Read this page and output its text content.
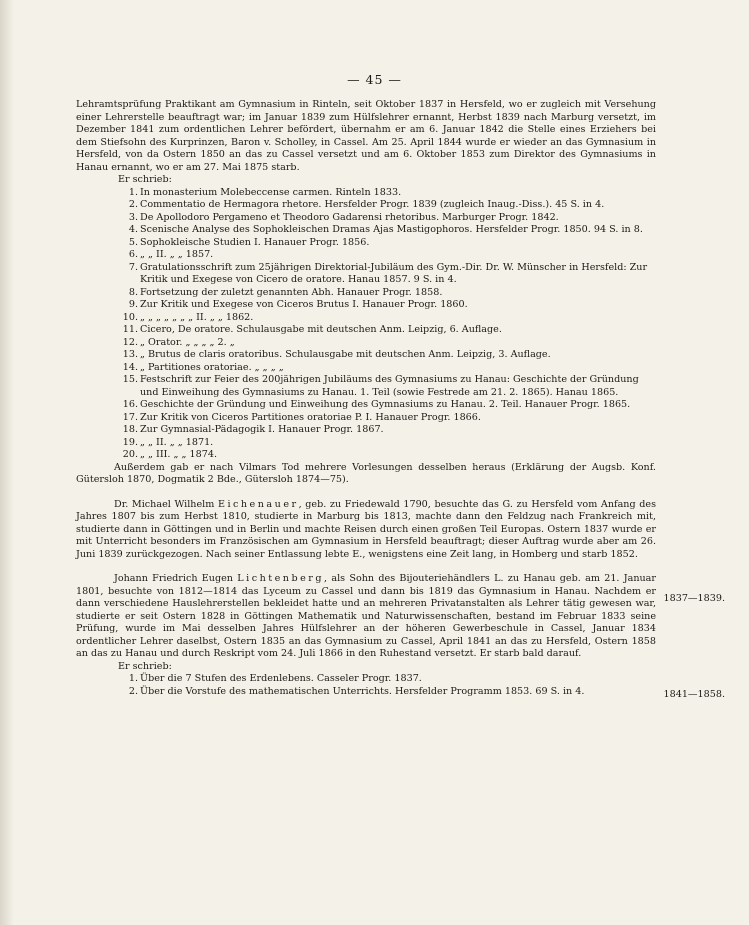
— 45 —

Lehramtsprüfung Praktikant am Gymnasium in Rinteln, seit Oktober 1837 in Hersfeld, wo er zugleich mit Versehung einer Lehrerstelle beauftragt war; im Januar 1839 zum Hülfslehrer ernannt, Herbst 1839 nach Marburg versetzt, im Dezember 1841 zum ordentlichen Lehrer befördert, übernahm er am 6. Januar 1842 die Stelle eines Erziehers bei dem Stiefsohn des Kurprinzen, Baron v. Scholley, in Cassel. Am 25. April 1844 wurde er wieder an das Gymnasium in Hersfeld, von da Ostern 1850 an das zu Cassel versetzt und am 6. Oktober 1853 zum Direktor des Gymnasiums in Hanau ernannt, wo er am 27. Mai 1875 starb.

Er schrieb:
1. In monasterium Molebeccense carmen. Rinteln 1833.
2. Commentatio de Hermagora rhetore. Hersfelder Progr. 1839 (zugleich Inaug.-Diss.). 45 S. in 4.
3. De Apollodoro Pergameno et Theodoro Gadarensi rhetoribus. Marburger Progr. 1842.
4. Scenische Analyse des Sophokleischen Dramas Ajas Mastigophoros. Hersfelder Progr. 1850. 94 S. in 8.
5. Sophokleische Studien I. Hanauer Progr. 1856.
6. „ „ II. „ „ 1857.
7. Gratulationsschrift zum 25jährigen Direktorial-Jubiläum des Gym.-Dir. Dr. W. Münscher in Hersfeld: Zur Kritik und Exegese von Cicero de oratore. Hanau 1857. 9 S. in 4.
8. Fortsetzung der zuletzt genannten Abh. Hanauer Progr. 1858.
9. Zur Kritik und Exegese von Ciceros Brutus I. Hanauer Progr. 1860.
10. „ „ „ „ „ „ „ II. „ „ 1862.
11. Cicero, De oratore. Schulausgabe mit deutschen Anm. Leipzig, 6. Auflage.
12. „ Orator. „ „ „ „ 2. „
13. „ Brutus de claris oratoribus. Schulausgabe mit deutschen Anm. Leipzig, 3. Auflage.
14. „ Partitiones oratoriae. „ „ „ „
15. Festschrift zur Feier des 200jährigen Jubiläums des Gymnasiums zu Hanau: Geschichte der Gründung und Einweihung des Gymnasiums zu Hanau. 1. Teil (sowie Festrede am 21. 2. 1865). Hanau 1865.
16. Geschichte der Gründung und Einweihung des Gymnasiums zu Hanau. 2. Teil. Hanauer Progr. 1865.
17. Zur Kritik von Ciceros Partitiones oratoriae P. I. Hanauer Progr. 1866.
18. Zur Gymnasial-Pädagogik I. Hanauer Progr. 1867.
19. „ „ II. „ „ 1871.
20. „ „ III. „ „ 1874.

Außerdem gab er nach Vilmars Tod mehrere Vorlesungen desselben heraus (Erklärung der Augsb. Konf. Gütersloh 1870, Dogmatik 2 Bde., Gütersloh 1874—75).

Dr. Michael Wilhelm Eichenauer, geb. zu Friedewald 1790, besuchte das G. zu Hersfeld vom Anfang des Jahres 1807 bis zum Herbst 1810, studierte in Marburg bis 1813, machte dann den Feldzug nach Frankreich mit, studierte dann in Göttingen und in Berlin und machte Reisen durch einen großen Teil Europas. Ostern 1837 wurde er mit Unterricht besonders im Französischen am Gymnasium in Hersfeld beauftragt; dieser Auftrag wurde aber am 26. Juni 1839 zurückgezogen. Nach seiner Entlassung lebte E., wenigstens eine Zeit lang, in Homberg und starb 1852.

Johann Friedrich Eugen Lichtenberg, als Sohn des Bijouteriehändlers L. zu Hanau geb. am 21. Januar 1801, besuchte von 1812—1814 das Lyceum zu Cassel und dann bis 1819 das Gymnasium in Hanau. Nachdem er dann verschiedene Hauslehrerstellen bekleidet hatte und an mehreren Privatanstalten als Lehrer tätig gewesen war, studierte er seit Ostern 1828 in Göttingen Mathematik und Naturwissenschaften, bestand im Februar 1833 seine Prüfung, wurde im Mai desselben Jahres Hülfslehrer an der höheren Gewerbeschule in Cassel, Januar 1834 ordentlicher Lehrer daselbst, Ostern 1835 an das Gymnasium zu Cassel, April 1841 an das zu Hersfeld, Ostern 1858 an das zu Hanau und durch Reskript vom 24. Juli 1866 in den Ruhestand versetzt. Er starb bald darauf.

Er schrieb:
1. Über die 7 Stufen des Erdenlebens. Casseler Progr. 1837.
2. Über die Vorstufe des mathematischen Unterrichts. Hersfelder Programm 1853. 69 S. in 4.
1837—1839.
1841—1858.
